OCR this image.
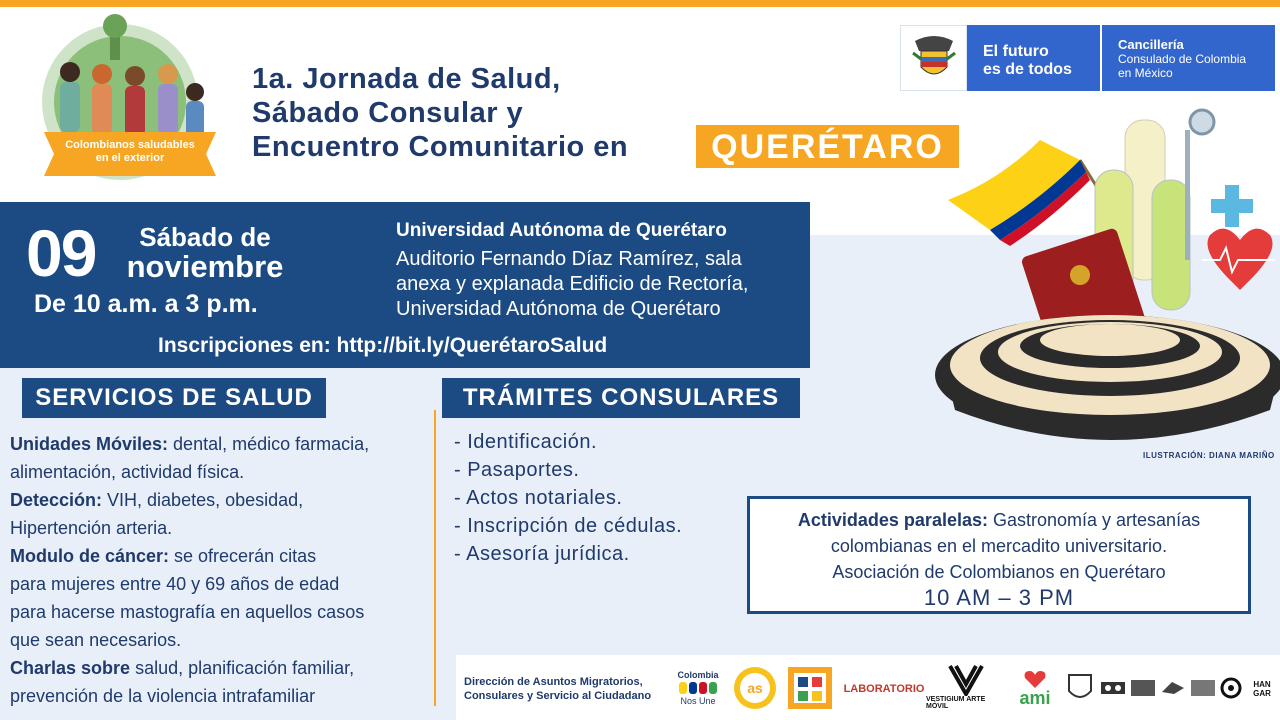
Colombianos saludables
en el exterior
1a. Jornada de Salud,
Sábado Consular y
Encuentro Comunitario en	QUERÉTARO
El futuro
es de todos
Cancillería
Consulado de Colombia
en México
09	Sábado de
noviembre
De 10 a.m. a 3 p.m.
Universidad Autónoma de Querétaro
Auditorio Fernando Díaz Ramírez, sala
anexa y explanada Edificio de Rectoría,
Universidad Autónoma de Querétaro
Inscripciones en: http://bit.ly/QuerétaroSalud
ILUSTRACIÓN: DIANA MARIÑO
SERVICIOS DE SALUD
Unidades Móviles: dental, médico farmacia,
alimentación, actividad física.
Detección: VIH, diabetes, obesidad,
Hipertención arteria.
Modulo de cáncer: se ofrecerán citas
para mujeres entre 40 y 69 años de edad
para hacerse mastografía en aquellos casos
que sean necesarios.
Charlas sobre salud, planificación familiar,
prevención de la violencia intrafamiliar
TRÁMITES CONSULARES
- Identificación.
- Pasaportes.
- Actos notariales.
- Inscripción de cédulas.
- Asesoría jurídica.
Actividades paralelas: Gastronomía y artesanías
colombianas en el mercadito universitario.
Asociación de Colombianos en Querétaro
10 AM – 3 PM
Dirección de Asuntos Migratorios,
Consulares y Servicio al Ciudadano
Colombia
Nos Une
as	LABORATORIO
VESTIGIUM ARTE MÓVIL	ami
HAN GAR
